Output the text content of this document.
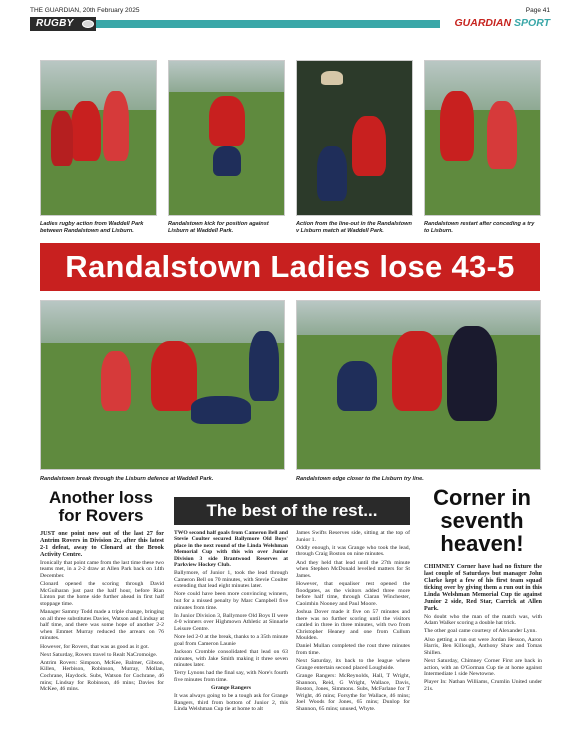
THE GUARDIAN, 20th February 2025	Page 41
RUGBY	GUARDIAN SPORT
Ladies rugby action from Waddell Park between Randalstown and Lisburn.
Randalstown kick for position against Lisburn at Waddell Park.
Action from the line-out in the Randalstown v Lisburn match at Waddell Park.
Randalstown restart after conceding a try to Lisburn.
Randalstown Ladies lose 43-5
Randalstown break through the Lisburn defence at Waddell Park.	Randalstown edge closer to the Lisburn try line.
Another loss for Rovers

JUST one point now out of the last 27 for Antrim Rovers in Division 2c, after this latest 2-1 defeat, away to Clonard at the Brook Activity Centre.

Ironically that point came from the last time these two teams met, in a 2-2 draw at Allen Park back on 14th December.

Clonard opened the scoring through David McGuiharan just past the half hour, before Rian Linton put the home side further ahead in first half stoppage time.

Manager Sammy Todd made a triple change, bringing on all three substitutes Davies, Watson and Lindsay at half time, and there was some hope of another 2-2 when Emmet Murray reduced the arrears on 76 minutes.

However, for Rovers, that was as good as it got.

Next Saturday, Rovers travel to Realt NaCromoige.

Antrim Rovers: Simpson, McKee, Balmer, Gibson, Killen, Herbison, Robinson, Murray, Mollan, Cochrane, Haydock. Subs, Watson for Cochrane, 46 mins; Lindsay for Robinson, 46 mins; Davies for McKee, 46 mins.

The best of the rest...

TWO second half goals from Cameron Bell and Stevie Coulter secured Ballymore Old Boys' place in the next round of the Linda Welshman Memorial Cup with this win over Junior Division 3 side Brantwood Reserves at Parkview Hockey Club.

Ballymore, of Junior 1, took the lead through Cameron Bell on 70 minutes, with Stevie Coulter extending that lead eight minutes later.

Nore could have been more convincing winners, but for a missed penalty by Marc Campbell five minutes from time.

In Junior Division 3, Ballymore Old Boys II were 4-0 winners over Highmown Athletic at Sinnarle Leisure Centre.

Nore led 2-0 at the break, thanks to a 35th minute goal from Cameron Launie

Jackson Cromble consolidated that lead on 63 minutes, with Jake Smith making it three seven minutes later.

Terry Lynons had the final say, with Nore's fourth five minutes from time.

Grange Rangers

It was always going to be a tough ask for Grange Rangers, third from bottom of Junior 2, this Linda Welshman Cup tie at home to alt

James Swifts Reserves side, sitting at the top of Junior 1.

Oddly enough, it was Grange who took the lead, through Craig Boston on nine minutes.

And they held that lead until the 27th minute when Stephen McDonald levelled matters for St James.

However, that equaliser rest opened the floodgates, as the visitors added three more before half time, through Ciaran Winchester, Caoimhin Nooney and Paul Moore.

Joshua Dover made it five on 57 minutes and there was no further scoring until the visitors cantled in three in three minutes, with two from Christopher Heaney and one from Cullum Moulden.

Daniel Mullan completed the rout three minutes from time.

Next Saturday, its back to the league where Grange entertain second placed Loughside.

Grange Rangers: McReynolds, Hall, T Wright, Shannon, Reid, G Wright, Wallace, Davis, Boston, Jones, Simmons. Subs, McFarlane for T Wright, 46 mins; Forsythe for Wallace, 46 mins; Joel Woods for Jones, 65 mins; Dunlop for Shannon, 65 mins; unused, Whyte.

Corner in seventh heaven!

CHIMNEY Corner have had no fixture the last couple of Saturdays but manager John Clarke kept a few of his first team squad ticking over by giving them a run out in this Linda Welshman Memorial Cup tie against Junior 2 side, Red Star, Carrick at Allen Park.

No doubt who the man of the match was, with Adam Walker scoring a double hat trick.

The other goal came courtesy of Alexander Lynn.

Also getting a run out were Jordan Hesson, Aaron Harris, Ben Killough, Anthony Shaw and Tomas Shillen.

Next Saturday, Chimney Corner First are back in action, with an O'Gorman Cup tie at home against Intermediate 1 side Newtowne.

Player In: Nathan Williams, Crumlin United under 21s.
